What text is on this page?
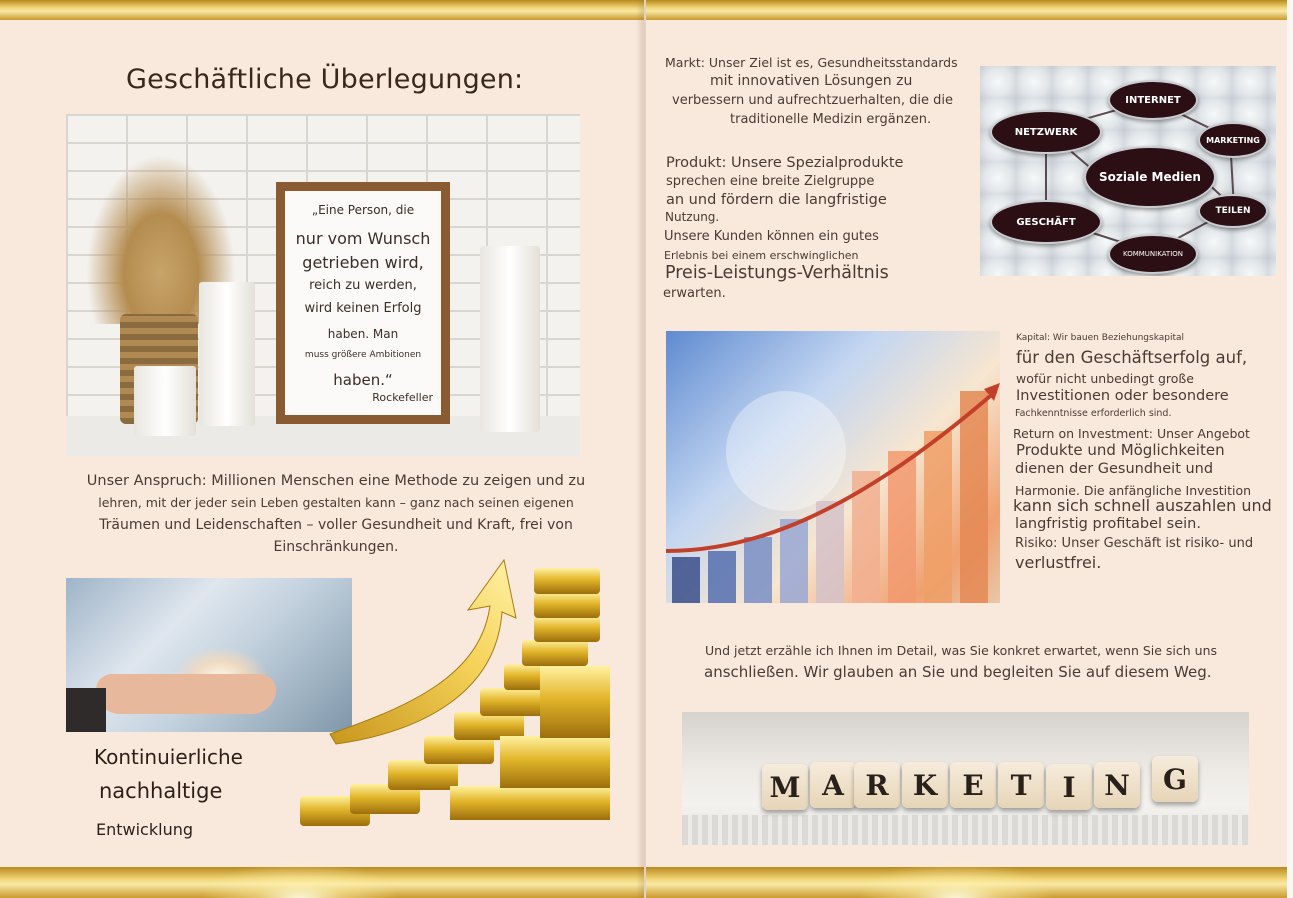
Geschäftliche Überlegungen:
„Eine Person, die
nur vom Wunsch
getrieben wird,
reich zu werden,
wird keinen Erfolg
haben. Man
muss größere Ambitionen
haben.“
Rockefeller
Unser Anspruch: Millionen Menschen eine Methode zu zeigen und zu
lehren, mit der jeder sein Leben gestalten kann – ganz nach seinen eigenen
Träumen und Leidenschaften – voller Gesundheit und Kraft, frei von
Einschränkungen.
Kontinuierliche
nachhaltige
Entwicklung
Markt: Unser Ziel ist es, Gesundheitsstandards
mit innovativen Lösungen zu
verbessern und aufrechtzuerhalten, die die
traditionelle Medizin ergänzen.
Produkt: Unsere Spezialprodukte
sprechen eine breite Zielgruppe
an und fördern die langfristige
Nutzung.
Unsere Kunden können ein gutes
Erlebnis bei einem erschwinglichen
Preis-Leistungs-Verhältnis
erwarten.
Soziale Medien
INTERNET
NETZWERK
MARKETING
GESCHÄFT
TEILEN
KOMMUNIKATION
Kapital: Wir bauen Beziehungskapital
für den Geschäftserfolg auf,
wofür nicht unbedingt große
Investitionen oder besondere
Fachkenntnisse erforderlich sind.
Return on Investment: Unser Angebot
Produkte und Möglichkeiten
dienen der Gesundheit und
Harmonie. Die anfängliche Investition
kann sich schnell auszahlen und
langfristig profitabel sein.
Risiko: Unser Geschäft ist risiko- und
verlustfrei.
Und jetzt erzähle ich Ihnen im Detail, was Sie konkret erwartet, wenn Sie sich uns
anschließen. Wir glauben an Sie und begleiten Sie auf diesem Weg.
M A R K E T	I	N	G
